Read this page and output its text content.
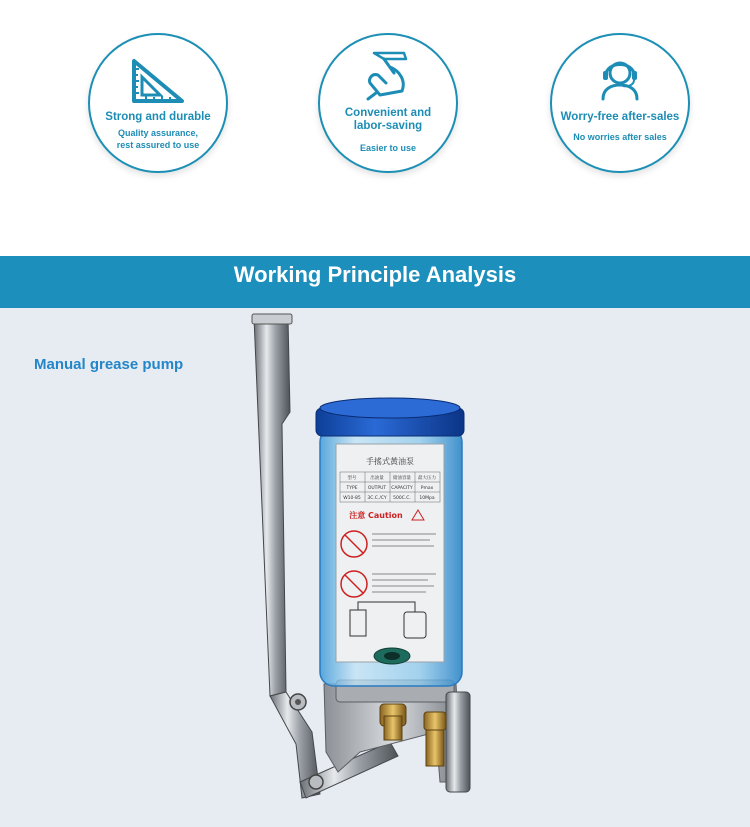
Strong and durable
Quality assurance,
rest assured to use
Convenient and
labor-saving
Easier to use
Worry-free after-sales
No worries after sales
Working Principle Analysis
Manual grease pump
手搖式黃油泵
型号	出油量 储油容量 最大压力
TYPE OUTPUT CAPACITY Pmax
W10-85 3C.C./CY 500C.C. 10Mpa
注意 Caution
